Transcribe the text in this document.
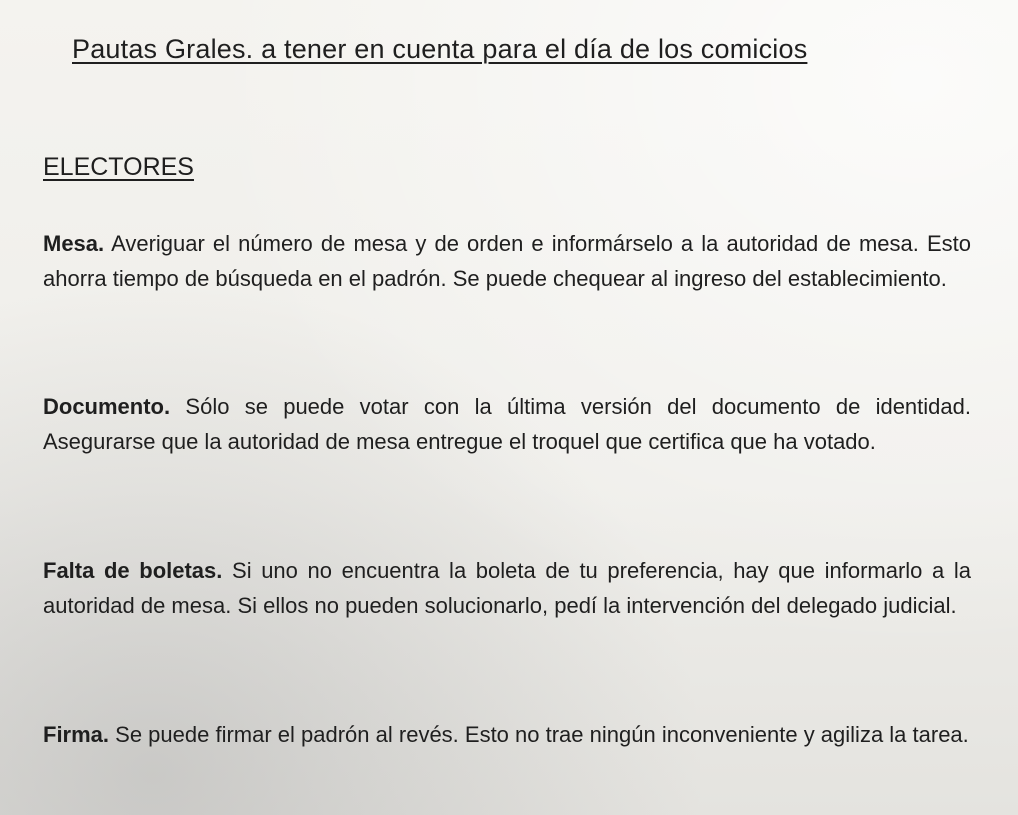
Pautas Grales. a tener en cuenta para el día de los comicios
ELECTORES

Mesa. Averiguar el número de mesa y de orden e informárselo a la autoridad de mesa. Esto ahorra tiempo de búsqueda en el padrón. Se puede chequear al ingreso del establecimiento.

Documento. Sólo se puede votar con la última versión del documento de identidad. Asegurarse que la autoridad de mesa entregue el troquel que certifica que ha votado.

Falta de boletas. Si uno no encuentra la boleta de tu preferencia, hay que informarlo a la autoridad de mesa. Si ellos no pueden solucionarlo, pedí la intervención del delegado judicial.

Firma. Se puede firmar el padrón al revés. Esto no trae ningún inconveniente y agiliza la tarea.
